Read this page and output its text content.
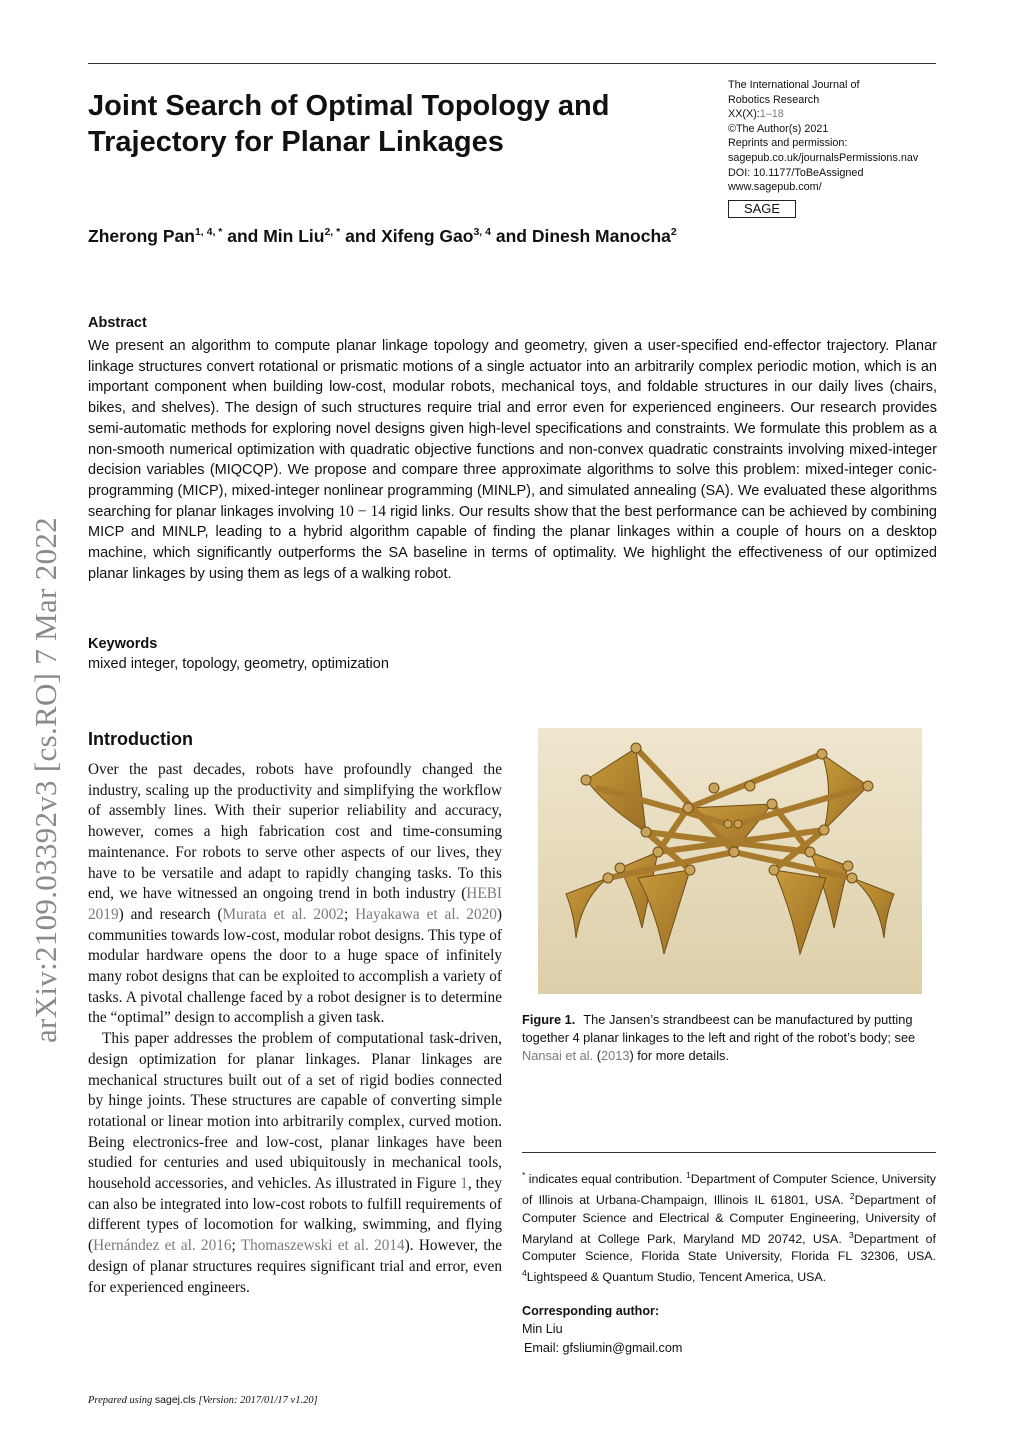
arXiv:2109.03392v3 [cs.RO] 7 Mar 2022
Joint Search of Optimal Topology and Trajectory for Planar Linkages
The International Journal of
Robotics Research
XX(X):1–18
©The Author(s) 2021
Reprints and permission:
sagepub.co.uk/journalsPermissions.nav
DOI: 10.1177/ToBeAssigned
www.sagepub.com/
SAGE
Zherong Pan$^{1, 4, *}$ and Min Liu$^{2, *}$ and Xifeng Gao$^{3, 4}$ and Dinesh Manocha$^2$
Abstract

We present an algorithm to compute planar linkage topology and geometry, given a user-specified end-effector trajectory. Planar linkage structures convert rotational or prismatic motions of a single actuator into an arbitrarily complex periodic motion, which is an important component when building low-cost, modular robots, mechanical toys, and foldable structures in our daily lives (chairs, bikes, and shelves). The design of such structures require trial and error even for experienced engineers. Our research provides semi-automatic methods for exploring novel designs given high-level specifications and constraints. We formulate this problem as a non-smooth numerical optimization with quadratic objective functions and non-convex quadratic constraints involving mixed-integer decision variables (MIQCQP). We propose and compare three approximate algorithms to solve this problem: mixed-integer conic-programming (MICP), mixed-integer nonlinear programming (MINLP), and simulated annealing (SA). We evaluated these algorithms searching for planar linkages involving 10 − 14 rigid links. Our results show that the best performance can be achieved by combining MICP and MINLP, leading to a hybrid algorithm capable of finding the planar linkages within a couple of hours on a desktop machine, which significantly outperforms the SA baseline in terms of optimality. We highlight the effectiveness of our optimized planar linkages by using them as legs of a walking robot.

Keywords
mixed integer, topology, geometry, optimization
Introduction

Over the past decades, robots have profoundly changed the industry, scaling up the productivity and simplifying the workflow of assembly lines. With their superior reliability and accuracy, however, comes a high fabrication cost and time-consuming maintenance. For robots to serve other aspects of our lives, they have to be versatile and adapt to rapidly changing tasks. To this end, we have witnessed an ongoing trend in both industry (HEBI 2019) and research (Murata et al. 2002; Hayakawa et al. 2020) communities towards low-cost, modular robot designs. This type of modular hardware opens the door to a huge space of infinitely many robot designs that can be exploited to accomplish a variety of tasks. A pivotal challenge faced by a robot designer is to determine the “optimal” design to accomplish a given task.

This paper addresses the problem of computational task-driven, design optimization for planar linkages. Planar linkages are mechanical structures built out of a set of rigid bodies connected by hinge joints. These structures are capable of converting simple rotational or linear motion into arbitrarily complex, curved motion. Being electronics-free and low-cost, planar linkages have been studied for centuries and used ubiquitously in mechanical tools, household accessories, and vehicles. As illustrated in Figure 1, they can also be integrated into low-cost robots to fulfill requirements of different types of locomotion for walking, swimming, and flying (Hernández et al. 2016; Thomaszewski et al. 2014). However, the design of planar structures requires significant trial and error, even for experienced engineers.

Figure 1. The Jansen’s strandbeest can be manufactured by putting together 4 planar linkages to the left and right of the robot’s body; see Nansai et al. (2013) for more details.

* indicates equal contribution. $^1$Department of Computer Science, University of Illinois at Urbana-Champaign, Illinois IL 61801, USA. $^2$Department of Computer Science and Electrical & Computer Engineering, University of Maryland at College Park, Maryland MD 20742, USA. $^3$Department of Computer Science, Florida State University, Florida FL 32306, USA. $^4$Lightspeed & Quantum Studio, Tencent America, USA.

Corresponding author:
Min Liu
Email: gfsliumin@gmail.com
Prepared using sagej.cls [Version: 2017/01/17 v1.20]
